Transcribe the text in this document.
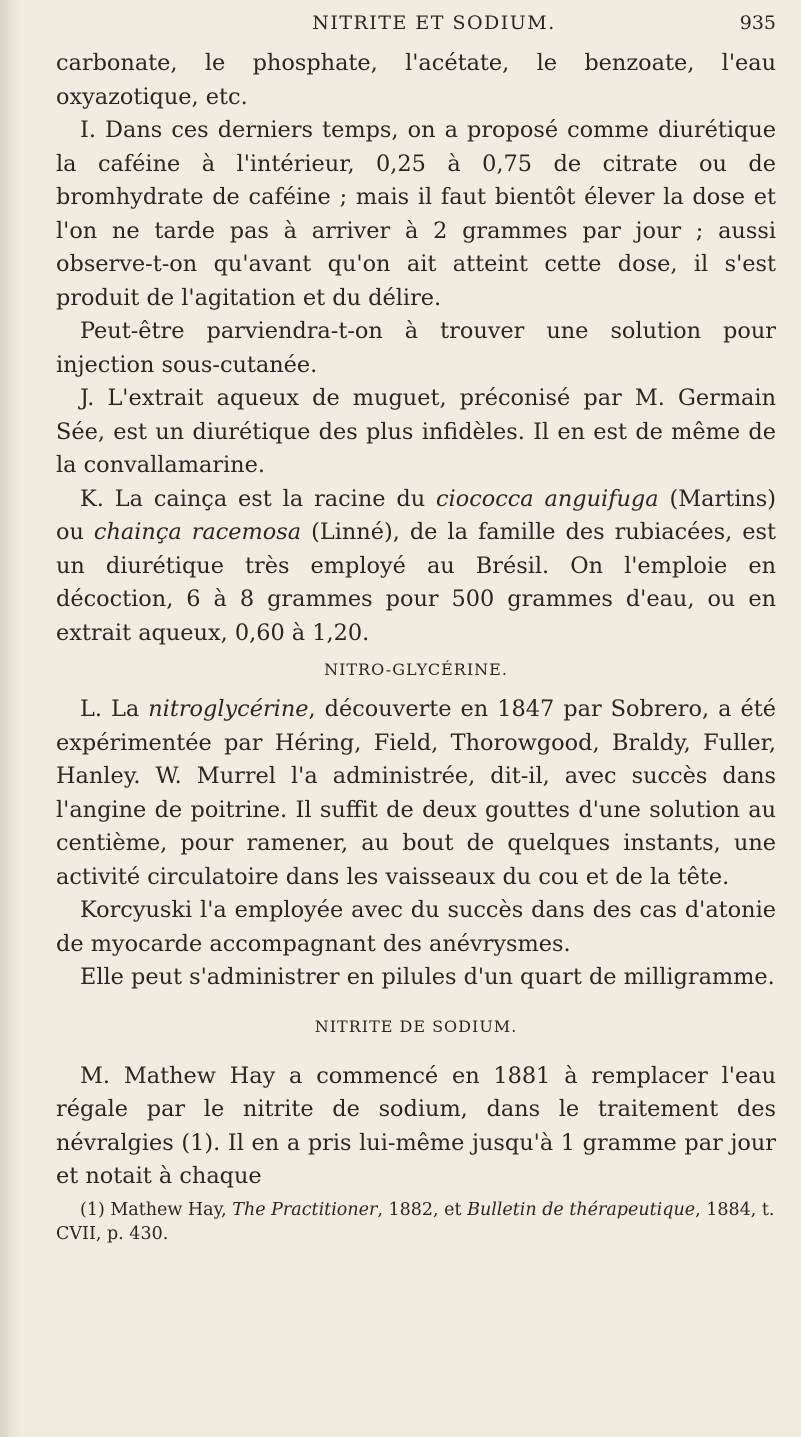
NITRITE ET SODIUM.	935

carbonate, le phosphate, l'acétate, le benzoate, l'eau oxyazotique, etc.

I. Dans ces derniers temps, on a proposé comme diurétique la caféine à l'intérieur, 0,25 à 0,75 de citrate ou de bromhydrate de caféine ; mais il faut bientôt élever la dose et l'on ne tarde pas à arriver à 2 grammes par jour ; aussi observe-t-on qu'avant qu'on ait atteint cette dose, il s'est produit de l'agitation et du délire.

Peut-être parviendra-t-on à trouver une solution pour injection sous-cutanée.

J. L'extrait aqueux de muguet, préconisé par M. Germain Sée, est un diurétique des plus infidèles. Il en est de même de la convallamarine.

K. La cainça est la racine du ciococca anguifuga (Martins) ou chainça racemosa (Linné), de la famille des rubiacées, est un diurétique très employé au Brésil. On l'emploie en décoction, 6 à 8 grammes pour 500 grammes d'eau, ou en extrait aqueux, 0,60 à 1,20.

NITRO-GLYCÉRINE.

L. La nitroglycérine, découverte en 1847 par Sobrero, a été expérimentée par Héring, Field, Thorowgood, Braldy, Fuller, Hanley. W. Murrel l'a administrée, dit-il, avec succès dans l'angine de poitrine. Il suffit de deux gouttes d'une solution au centième, pour ramener, au bout de quelques instants, une activité circulatoire dans les vaisseaux du cou et de la tête.

Korcyuski l'a employée avec du succès dans des cas d'atonie de myocarde accompagnant des anévrysmes.

Elle peut s'administrer en pilules d'un quart de milligramme.

NITRITE DE SODIUM.

M. Mathew Hay a commencé en 1881 à remplacer l'eau régale par le nitrite de sodium, dans le traitement des névralgies (1). Il en a pris lui-même jusqu'à 1 gramme par jour et notait à chaque

(1) Mathew Hay, The Practitioner, 1882, et Bulletin de thérapeutique, 1884, t. CVII, p. 430.
